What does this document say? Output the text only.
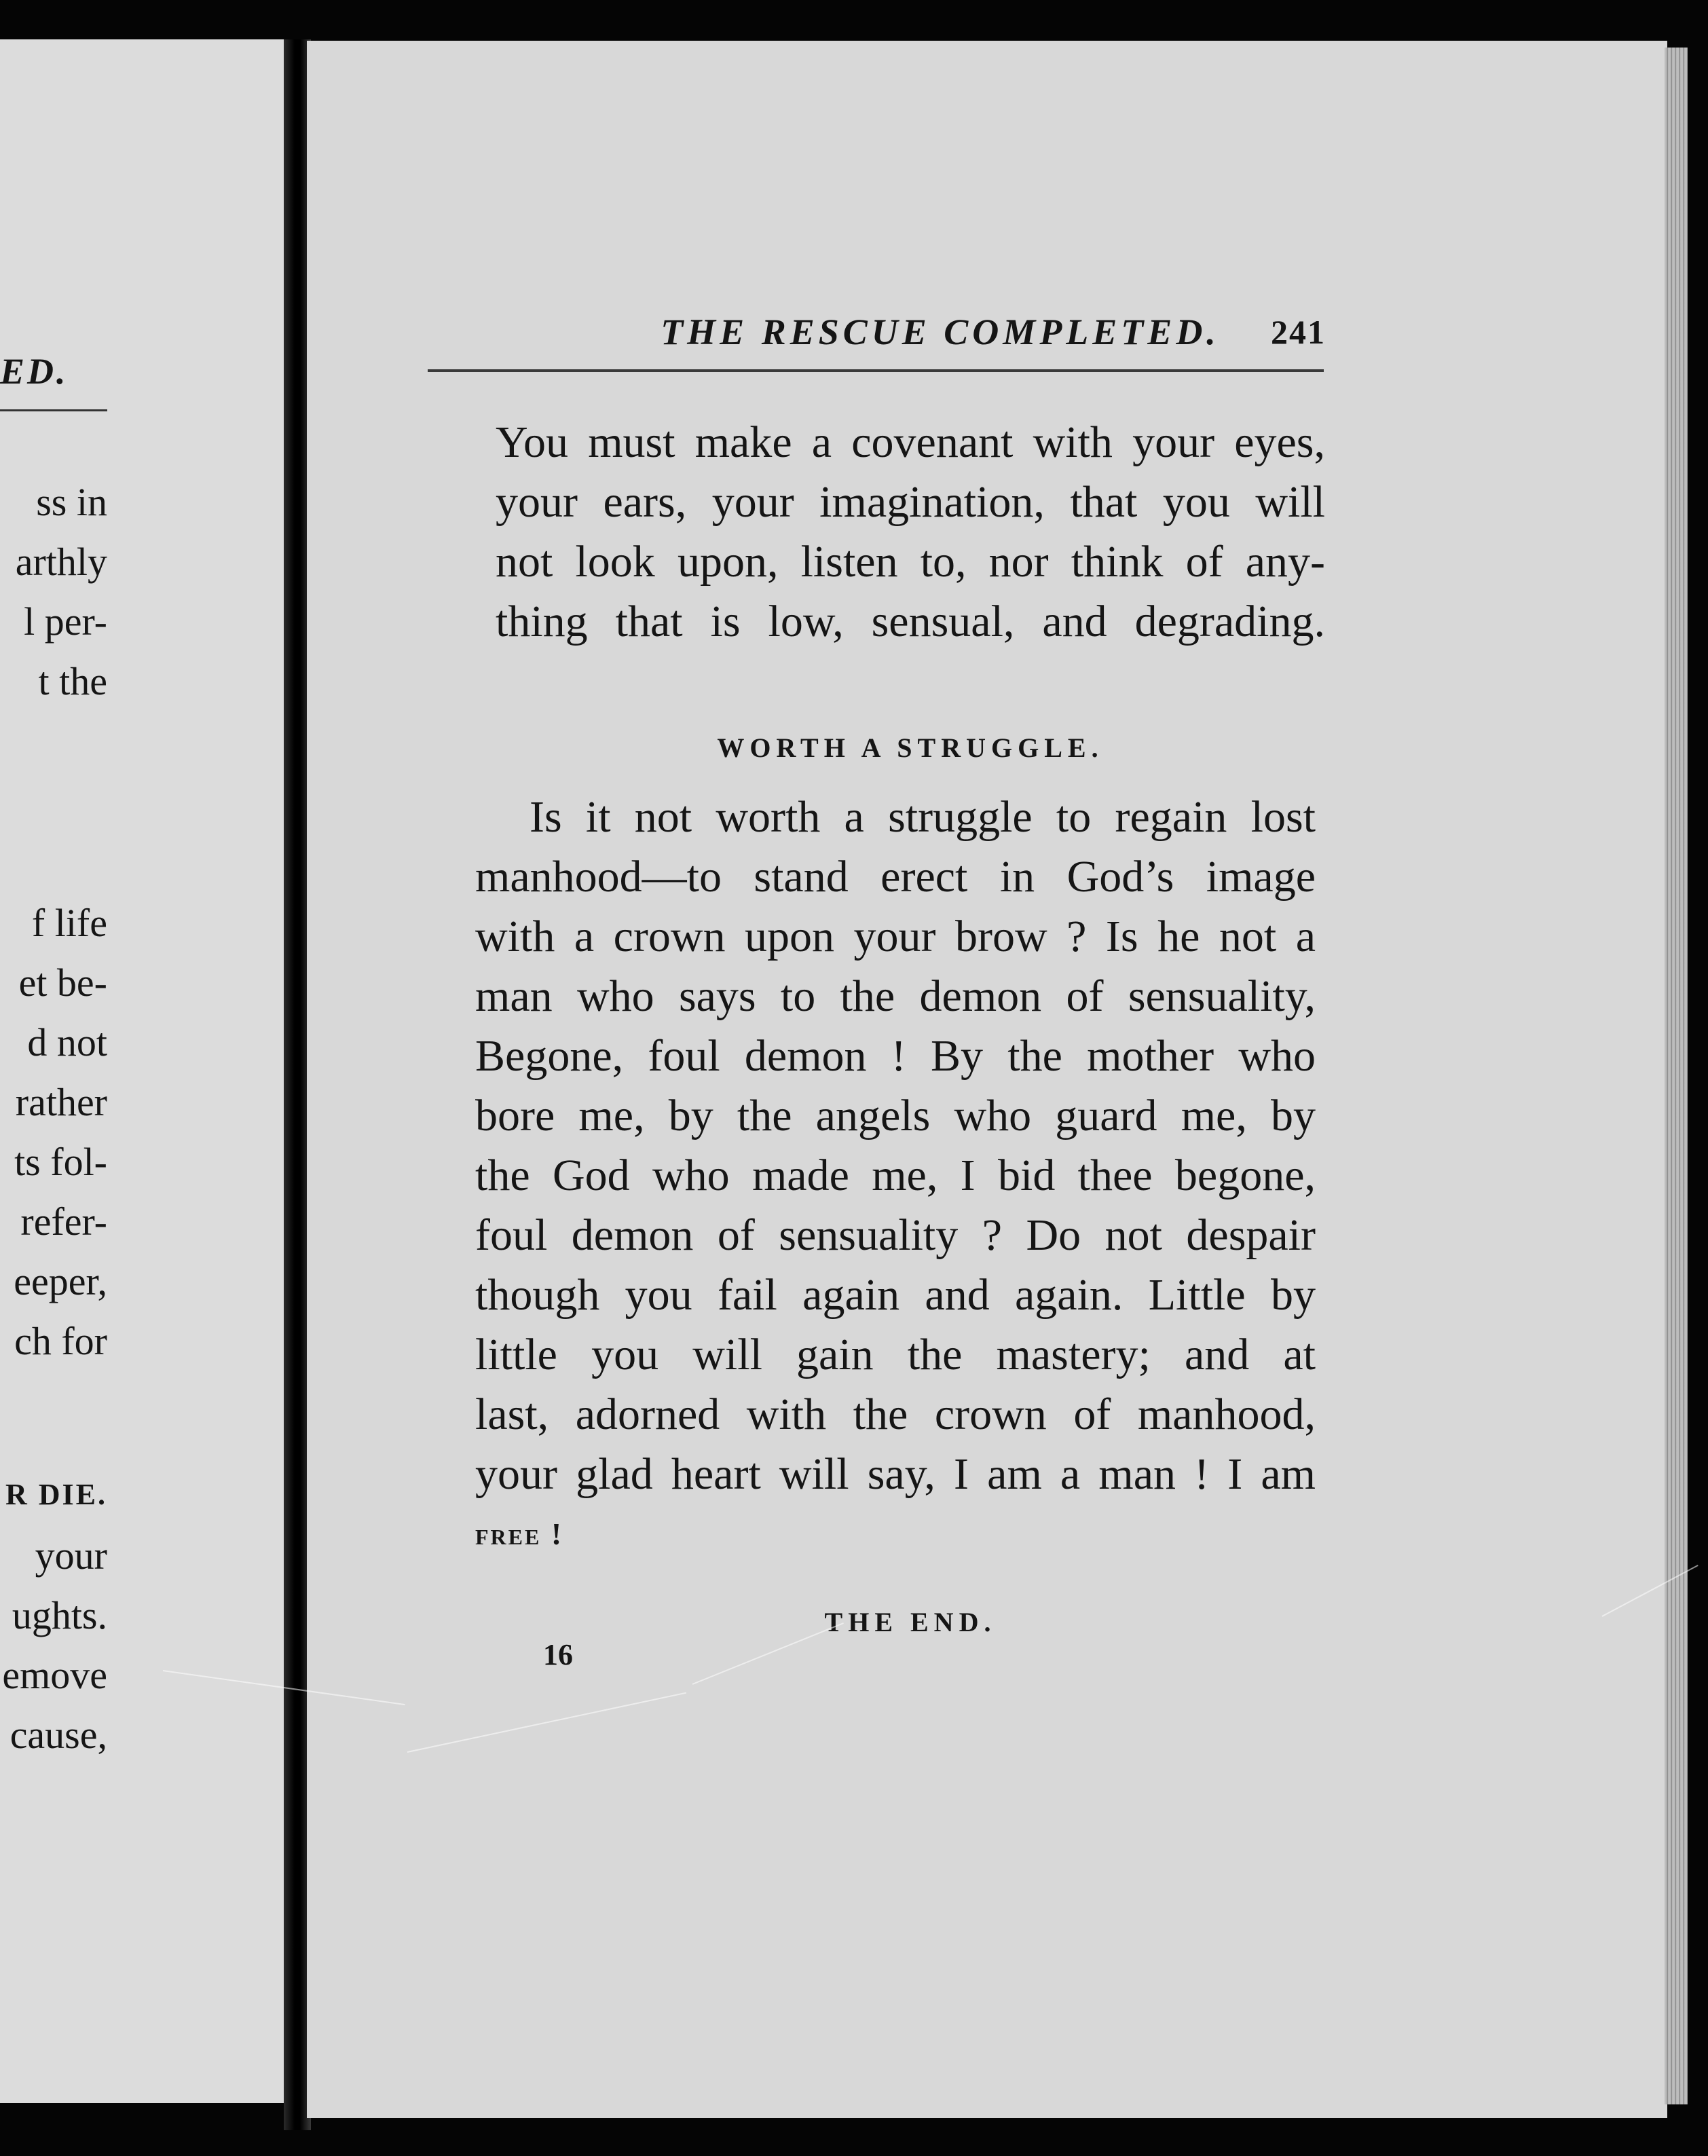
ED.
ss in
arthly
l per-
t the
f life
et be-
d not
rather
ts fol-
refer-
eeper,
ch for
R DIE.
your
ughts.
emove
cause,
THE RESCUE COMPLETED.	241
You must make a covenant with your eyes,
your ears, your imagination, that you will
not look upon, listen to, nor think of any-
thing that is low, sensual, and degrading.
WORTH A STRUGGLE.
Is it not worth a struggle to regain lost
manhood—to stand erect in God’s image
with a crown upon your brow ? Is he not a
man who says to the demon of sensuality,
Begone, foul demon ! By the mother who
bore me, by the angels who guard me, by
the God who made me, I bid thee begone,
foul demon of sensuality ? Do not despair
though you fail again and again. Little by
little you will gain the mastery; and at
last, adorned with the crown of manhood,
your glad heart will say, I am a man ! I am
free !
THE END.
16
